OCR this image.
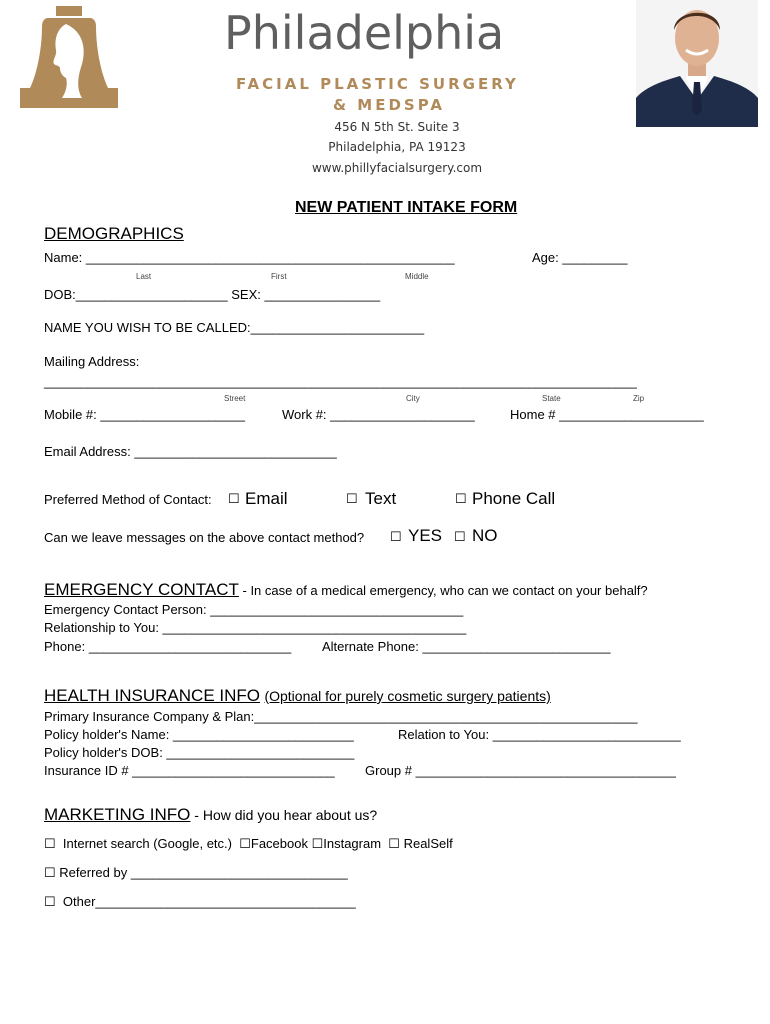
Philadelphia
FACIAL PLASTIC SURGERY
& MEDSPA
456 N 5th St. Suite 3
Philadelphia, PA 19123
www.phillyfacialsurgery.com
NEW PATIENT INTAKE FORM
DEMOGRAPHICS
Name: ___________________________________________________	Age: _________
Last	First	Middle
DOB:_____________________ SEX: ________________
NAME YOU WISH TO BE CALLED:________________________
Mailing Address:
__________________________________________________________________________________
Street	City	State	Zip
Mobile #: ____________________	Work #: ____________________	Home # ____________________
Email Address: ____________________________
Preferred Method of Contact: ☐ Email	☐ Text	☐ Phone Call
Can we leave messages on the above contact method? ☐ YES ☐ NO
EMERGENCY CONTACT - In case of a medical emergency, who can we contact on your behalf?
Emergency Contact Person: ___________________________________
Relationship to You: __________________________________________
Phone: ____________________________ Alternate Phone: __________________________
HEALTH INSURANCE INFO (Optional for purely cosmetic surgery patients)
Primary Insurance Company & Plan:_____________________________________________________
Policy holder's Name: _________________________	Relation to You: __________________________
Policy holder's DOB: __________________________
Insurance ID # ____________________________ Group # ____________________________________
MARKETING INFO - How did you hear about us?
☐ Internet search (Google, etc.) ☐Facebook ☐Instagram ☐ RealSelf
☐ Referred by ______________________________
☐ Other____________________________________
